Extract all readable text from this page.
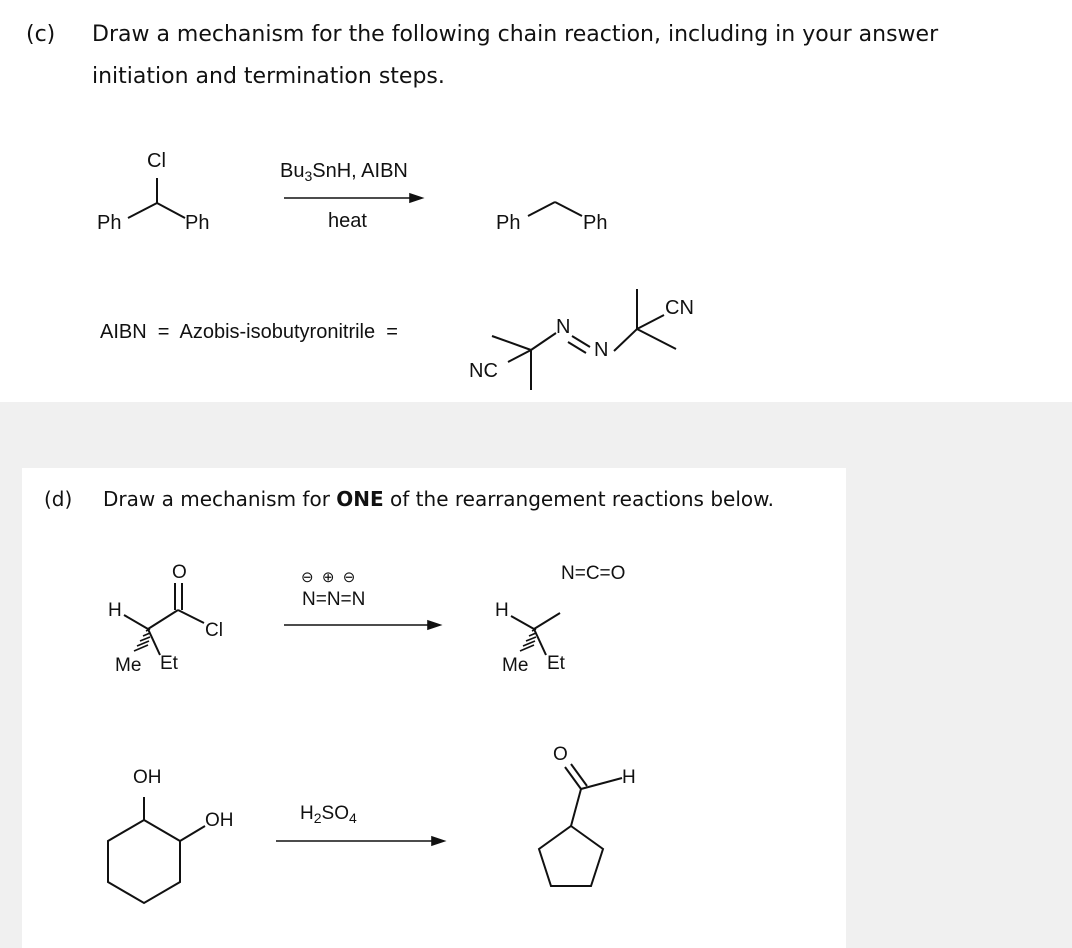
(c) Draw a mechanism for the following chain reaction, including in your answer
initiation and termination steps.
Cl
Ph	Ph
$Bu_3SnH$, AIBN
heat	Ph	Ph
AIBN  =  Azobis-isobutyronitrile  =
NC
N
N
CN
(d) Draw a mechanism for ONE of the rearrangement reactions below.
O
H
Cl
Me Et
⊖  ⊕  ⊖
N=N=N
H
N=C=O
Me Et
OH
OH	$H_2SO_4$
O
H
